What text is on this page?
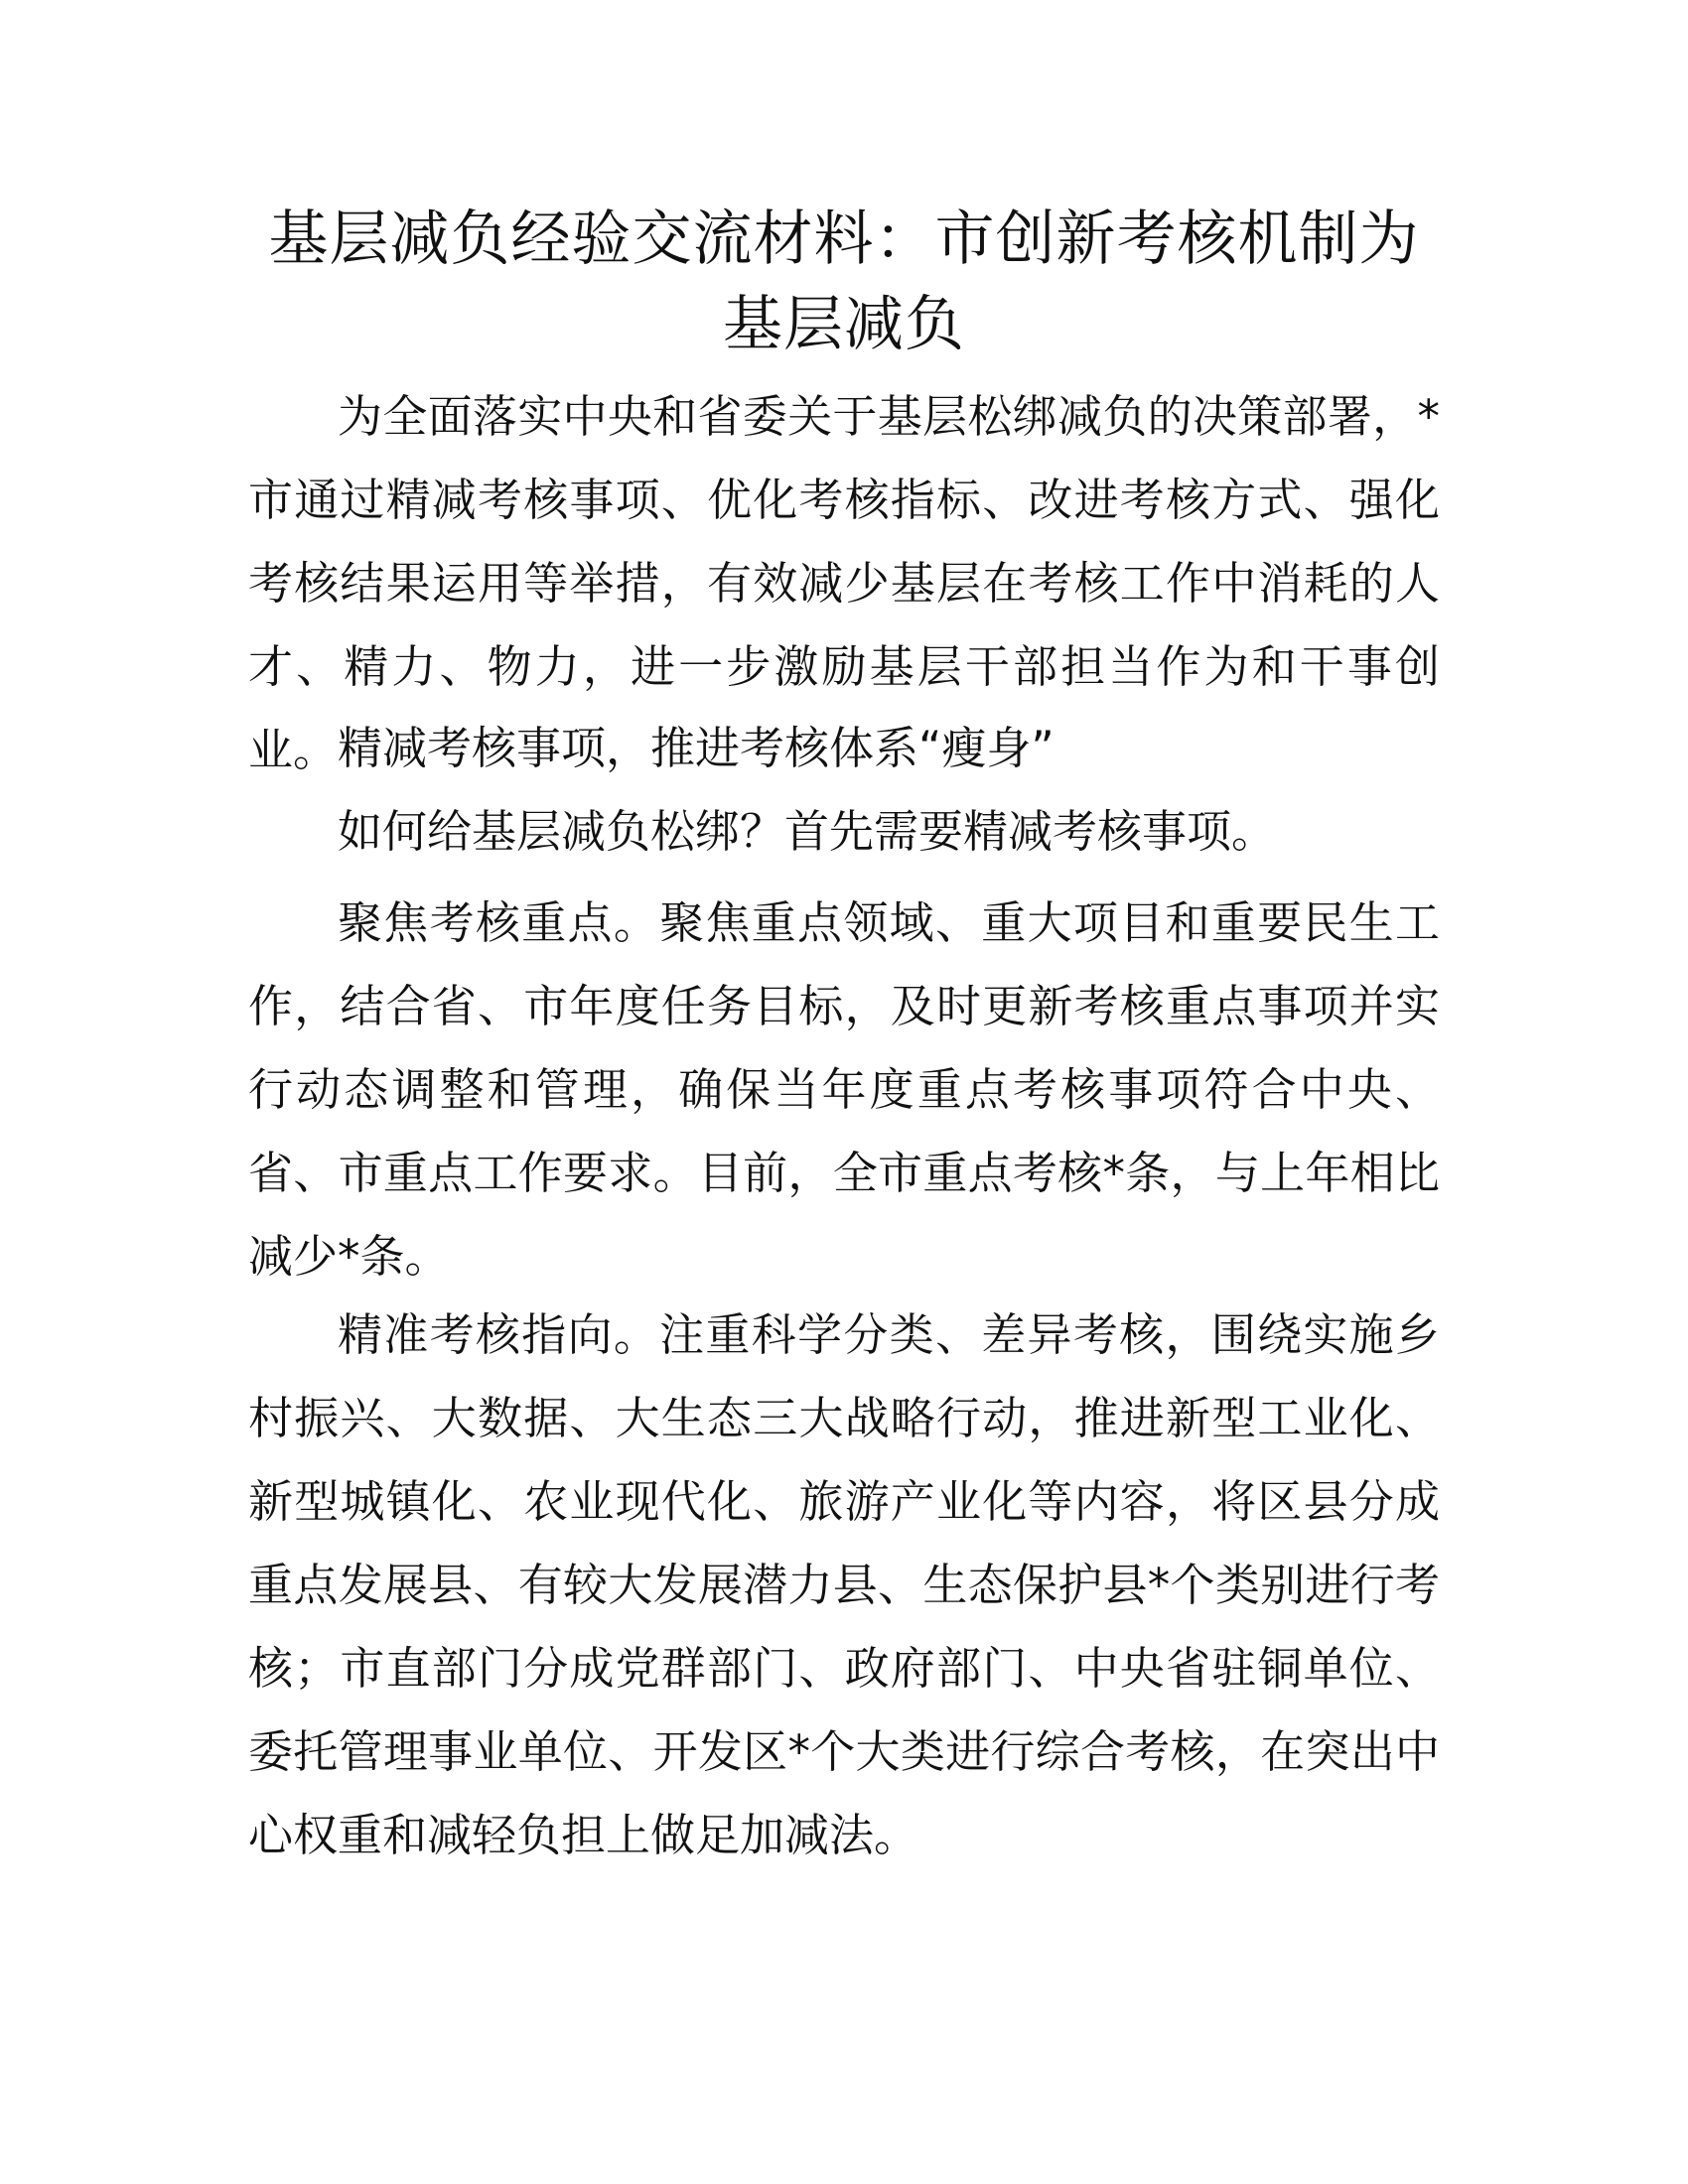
基层减负经验交流材料：市创新考核机制为基层减负

为全面落实中央和省委关于基层松绑减负的决策部署，*市通过精减考核事项、优化考核指标、改进考核方式、强化考核结果运用等举措，有效减少基层在考核工作中消耗的人才、精力、物力，进一步激励基层干部担当作为和干事创业。 精减考核事项，推进考核体系“瘦身”

如何给基层减负松绑？首先需要精减考核事项。

聚焦考核重点。聚焦重点领域、重大项目和重要民生工作，结合省、市年度任务目标，及时更新考核重点事项并实行动态调整和管理，确保当年度重点考核事项符合中央、省、市重点工作要求。目前，全市重点考核*条，与上年相比减少*条。

精准考核指向。注重科学分类、差异考核，围绕实施乡村振兴、大数据、大生态三大战略行动，推进新型工业化、新型城镇化、农业现代化、旅游产业化等内容，将区县分成重点发展县、有较大发展潜力县、生态保护县*个类别进行考核；市直部门分成党群部门、政府部门、中央省驻铜单位、委托管理事业单位、开发区*个大类进行综合考核，在突出中心权重和减轻负担上做足加减法。
